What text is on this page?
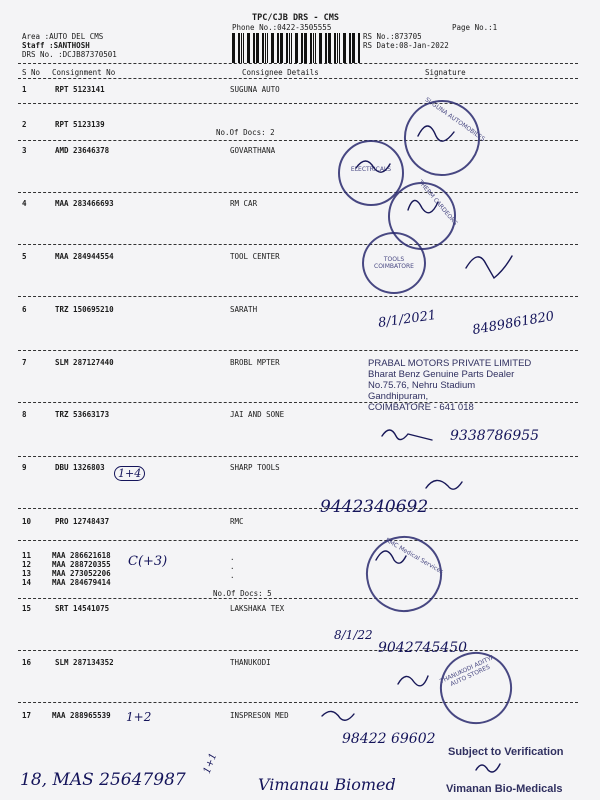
TPC/CJB DRS - CMS
Phone No.:0422-3505555	Page No.:1
Area :AUTO DEL CMS
Staff :SANTHOSH
DRS No. :DCJB87370501
RS No.:873705
RS Date:08-Jan-2022
S No Consignment No	Consignee Details	Signature
1	RPT 5123141	SUGUNA AUTO
2	RPT 5123139
No.Of Docs: 2
3	AMD 23646378	GOVARTHANA
4	MAA 283466693	RM CAR
5	MAA 284944554	TOOL CENTER
6	TRZ 150695210	SARATH
7	SLM 287127440	BROBL MPTER
8	TRZ 53663173	JAI AND SONE
9	DBU 1326803	SHARP TOOLS
10	PRO 12748437	RMC
11	MAA 286621618
12	MAA 288720355
13	MAA 273052206
14	MAA 284679414
.
.
.
No.Of Docs: 5
15	SRT 14541075	LAKSHAKA TEX
16	SLM 287134352	THANUKODI
17	MAA 288965539	INSPRESON MED
SUGUNA AUTOMOBILES
ELECTRICALS
THERM CARDEORS
TOOLS COIMBATORE
PRABAL MOTORS PRIVATE LIMITED
Bharat Benz Genuine Parts Dealer
No.75.76, Nehru Stadium
Gandhipuram,
COIMBATORE - 641 018
RMC Medical Services
THANUKODI ADITYA AUTO STORES
Subject to Verification
Vimanan Bio-Medicals
8/1/2021	8489861820
9338786955
1+4
9442340692
C(+3)
8/1/22
9042745450
1+2
98422 69602
18, MAS 25647987
1+1
Vimanau Biomed
